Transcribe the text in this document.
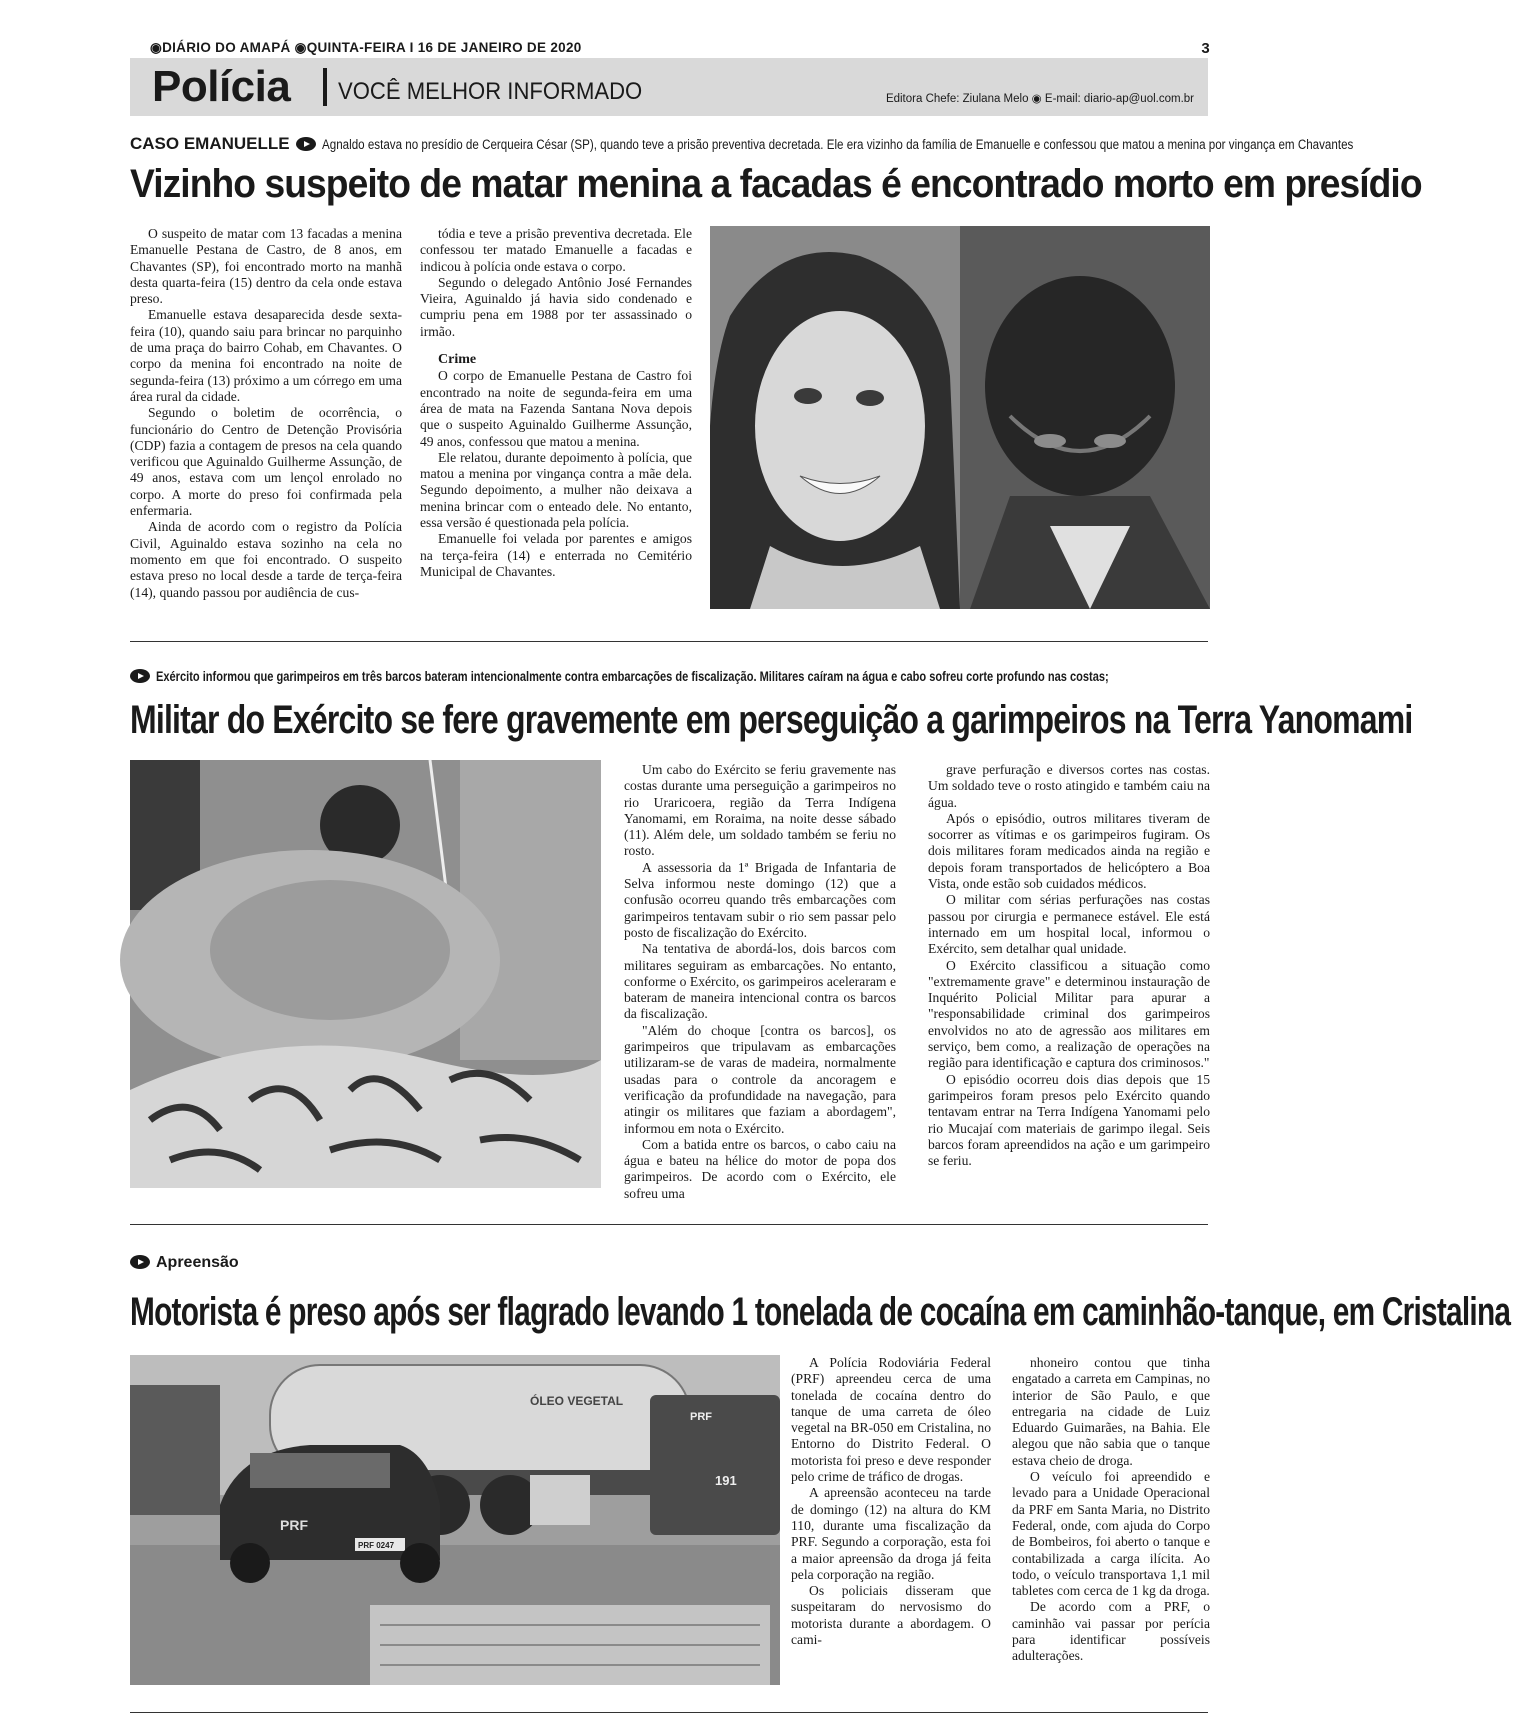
◉DIÁRIO DO AMAPÁ ◉QUINTA-FEIRA I 16 DE JANEIRO DE 2020	3
Polícia VOCÊ MELHOR INFORMADO	Editora Chefe: Ziulana Melo ◉ E-mail: diario-ap@uol.com.br
CASO EMANUELLE Agnaldo estava no presídio de Cerqueira César (SP), quando teve a prisão preventiva decretada. Ele era vizinho da família de Emanuelle e confessou que matou a menina por vingança em Chavantes
Vizinho suspeito de matar menina a facadas é encontrado morto em presídio

O suspeito de matar com 13 facadas a menina Emanuelle Pestana de Castro, de 8 anos, em Chavantes (SP), foi encontrado morto na manhã desta quarta-feira (15) dentro da cela onde estava preso.

Emanuelle estava desaparecida desde sexta-feira (10), quando saiu para brincar no parquinho de uma praça do bairro Cohab, em Chavantes. O corpo da menina foi encontrado na noite de segunda-feira (13) próximo a um córrego em uma área rural da cidade.

Segundo o boletim de ocorrência, o funcionário do Centro de Detenção Provisória (CDP) fazia a contagem de presos na cela quando verificou que Aguinaldo Guilherme Assunção, de 49 anos, estava com um lençol enrolado no corpo. A morte do preso foi confirmada pela enfermaria.

Ainda de acordo com o registro da Polícia Civil, Aguinaldo estava sozinho na cela no momento em que foi encontrado. O suspeito estava preso no local desde a tarde de terça-feira (14), quando passou por audiência de cus-

tódia e teve a prisão preventiva decretada. Ele confessou ter matado Emanuelle a facadas e indicou à polícia onde estava o corpo.

Segundo o delegado Antônio José Fernandes Vieira, Aguinaldo já havia sido condenado e cumpriu pena em 1988 por ter assassinado o irmão.

Crime

O corpo de Emanuelle Pestana de Castro foi encontrado na noite de segunda-feira em uma área de mata na Fazenda Santana Nova depois que o suspeito Aguinaldo Guilherme Assunção, 49 anos, confessou que matou a menina.

Ele relatou, durante depoimento à polícia, que matou a menina por vingança contra a mãe dela. Segundo depoimento, a mulher não deixava a menina brincar com o enteado dele. No entanto, essa versão é questionada pela polícia.

Emanuelle foi velada por parentes e amigos na terça-feira (14) e enterrada no Cemitério Municipal de Chavantes.

Exército informou que garimpeiros em três barcos bateram intencionalmente contra embarcações de fiscalização. Militares caíram na água e cabo sofreu corte profundo nas costas;
Militar do Exército se fere gravemente em perseguição a garimpeiros na Terra Yanomami

Um cabo do Exército se feriu gravemente nas costas durante uma perseguição a garimpeiros no rio Uraricoera, região da Terra Indígena Yanomami, em Roraima, na noite desse sábado (11). Além dele, um soldado também se feriu no rosto.

A assessoria da 1ª Brigada de Infantaria de Selva informou neste domingo (12) que a confusão ocorreu quando três embarcações com garimpeiros tentavam subir o rio sem passar pelo posto de fiscalização do Exército.

Na tentativa de abordá-los, dois barcos com militares seguiram as embarcações. No entanto, conforme o Exército, os garimpeiros aceleraram e bateram de maneira intencional contra os barcos da fiscalização.

"Além do choque [contra os barcos], os garimpeiros que tripulavam as embarcações utilizaram-se de varas de madeira, normalmente usadas para o controle da ancoragem e verificação da profundidade na navegação, para atingir os militares que faziam a abordagem", informou em nota o Exército.

Com a batida entre os barcos, o cabo caiu na água e bateu na hélice do motor de popa dos garimpeiros. De acordo com o Exército, ele sofreu uma

grave perfuração e diversos cortes nas costas. Um soldado teve o rosto atingido e também caiu na água.

Após o episódio, outros militares tiveram de socorrer as vítimas e os garimpeiros fugiram. Os dois militares foram medicados ainda na região e depois foram transportados de helicóptero a Boa Vista, onde estão sob cuidados médicos.

O militar com sérias perfurações nas costas passou por cirurgia e permanece estável. Ele está internado em um hospital local, informou o Exército, sem detalhar qual unidade.

O Exército classificou a situação como "extremamente grave" e determinou instauração de Inquérito Policial Militar para apurar a "responsabilidade criminal dos garimpeiros envolvidos no ato de agressão aos militares em serviço, bem como, a realização de operações na região para identificação e captura dos criminosos."

O episódio ocorreu dois dias depois que 15 garimpeiros foram presos pelo Exército quando tentavam entrar na Terra Indígena Yanomami pelo rio Mucajaí com materiais de garimpo ilegal. Seis barcos foram apreendidos na ação e um garimpeiro se feriu.

Apreensão
Motorista é preso após ser flagrado levando 1 tonelada de cocaína em caminhão-tanque, em Cristalina
ÓLEO VEGETAL
191
PRF
PRF
PRF 0247

A Polícia Rodoviária Federal (PRF) apreendeu cerca de uma tonelada de cocaína dentro do tanque de uma carreta de óleo vegetal na BR-050 em Cristalina, no Entorno do Distrito Federal. O motorista foi preso e deve responder pelo crime de tráfico de drogas.

A apreensão aconteceu na tarde de domingo (12) na altura do KM 110, durante uma fiscalização da PRF. Segundo a corporação, esta foi a maior apreensão da droga já feita pela corporação na região.

Os policiais disseram que suspeitaram do nervosismo do motorista durante a abordagem. O cami-

nhoneiro contou que tinha engatado a carreta em Campinas, no interior de São Paulo, e que entregaria na cidade de Luiz Eduardo Guimarães, na Bahia. Ele alegou que não sabia que o tanque estava cheio de droga.

O veículo foi apreendido e levado para a Unidade Operacional da PRF em Santa Maria, no Distrito Federal, onde, com ajuda do Corpo de Bombeiros, foi aberto o tanque e contabilizada a carga ilícita. Ao todo, o veículo transportava 1,1 mil tabletes com cerca de 1 kg da droga.

De acordo com a PRF, o caminhão vai passar por perícia para identificar possíveis adulterações.
